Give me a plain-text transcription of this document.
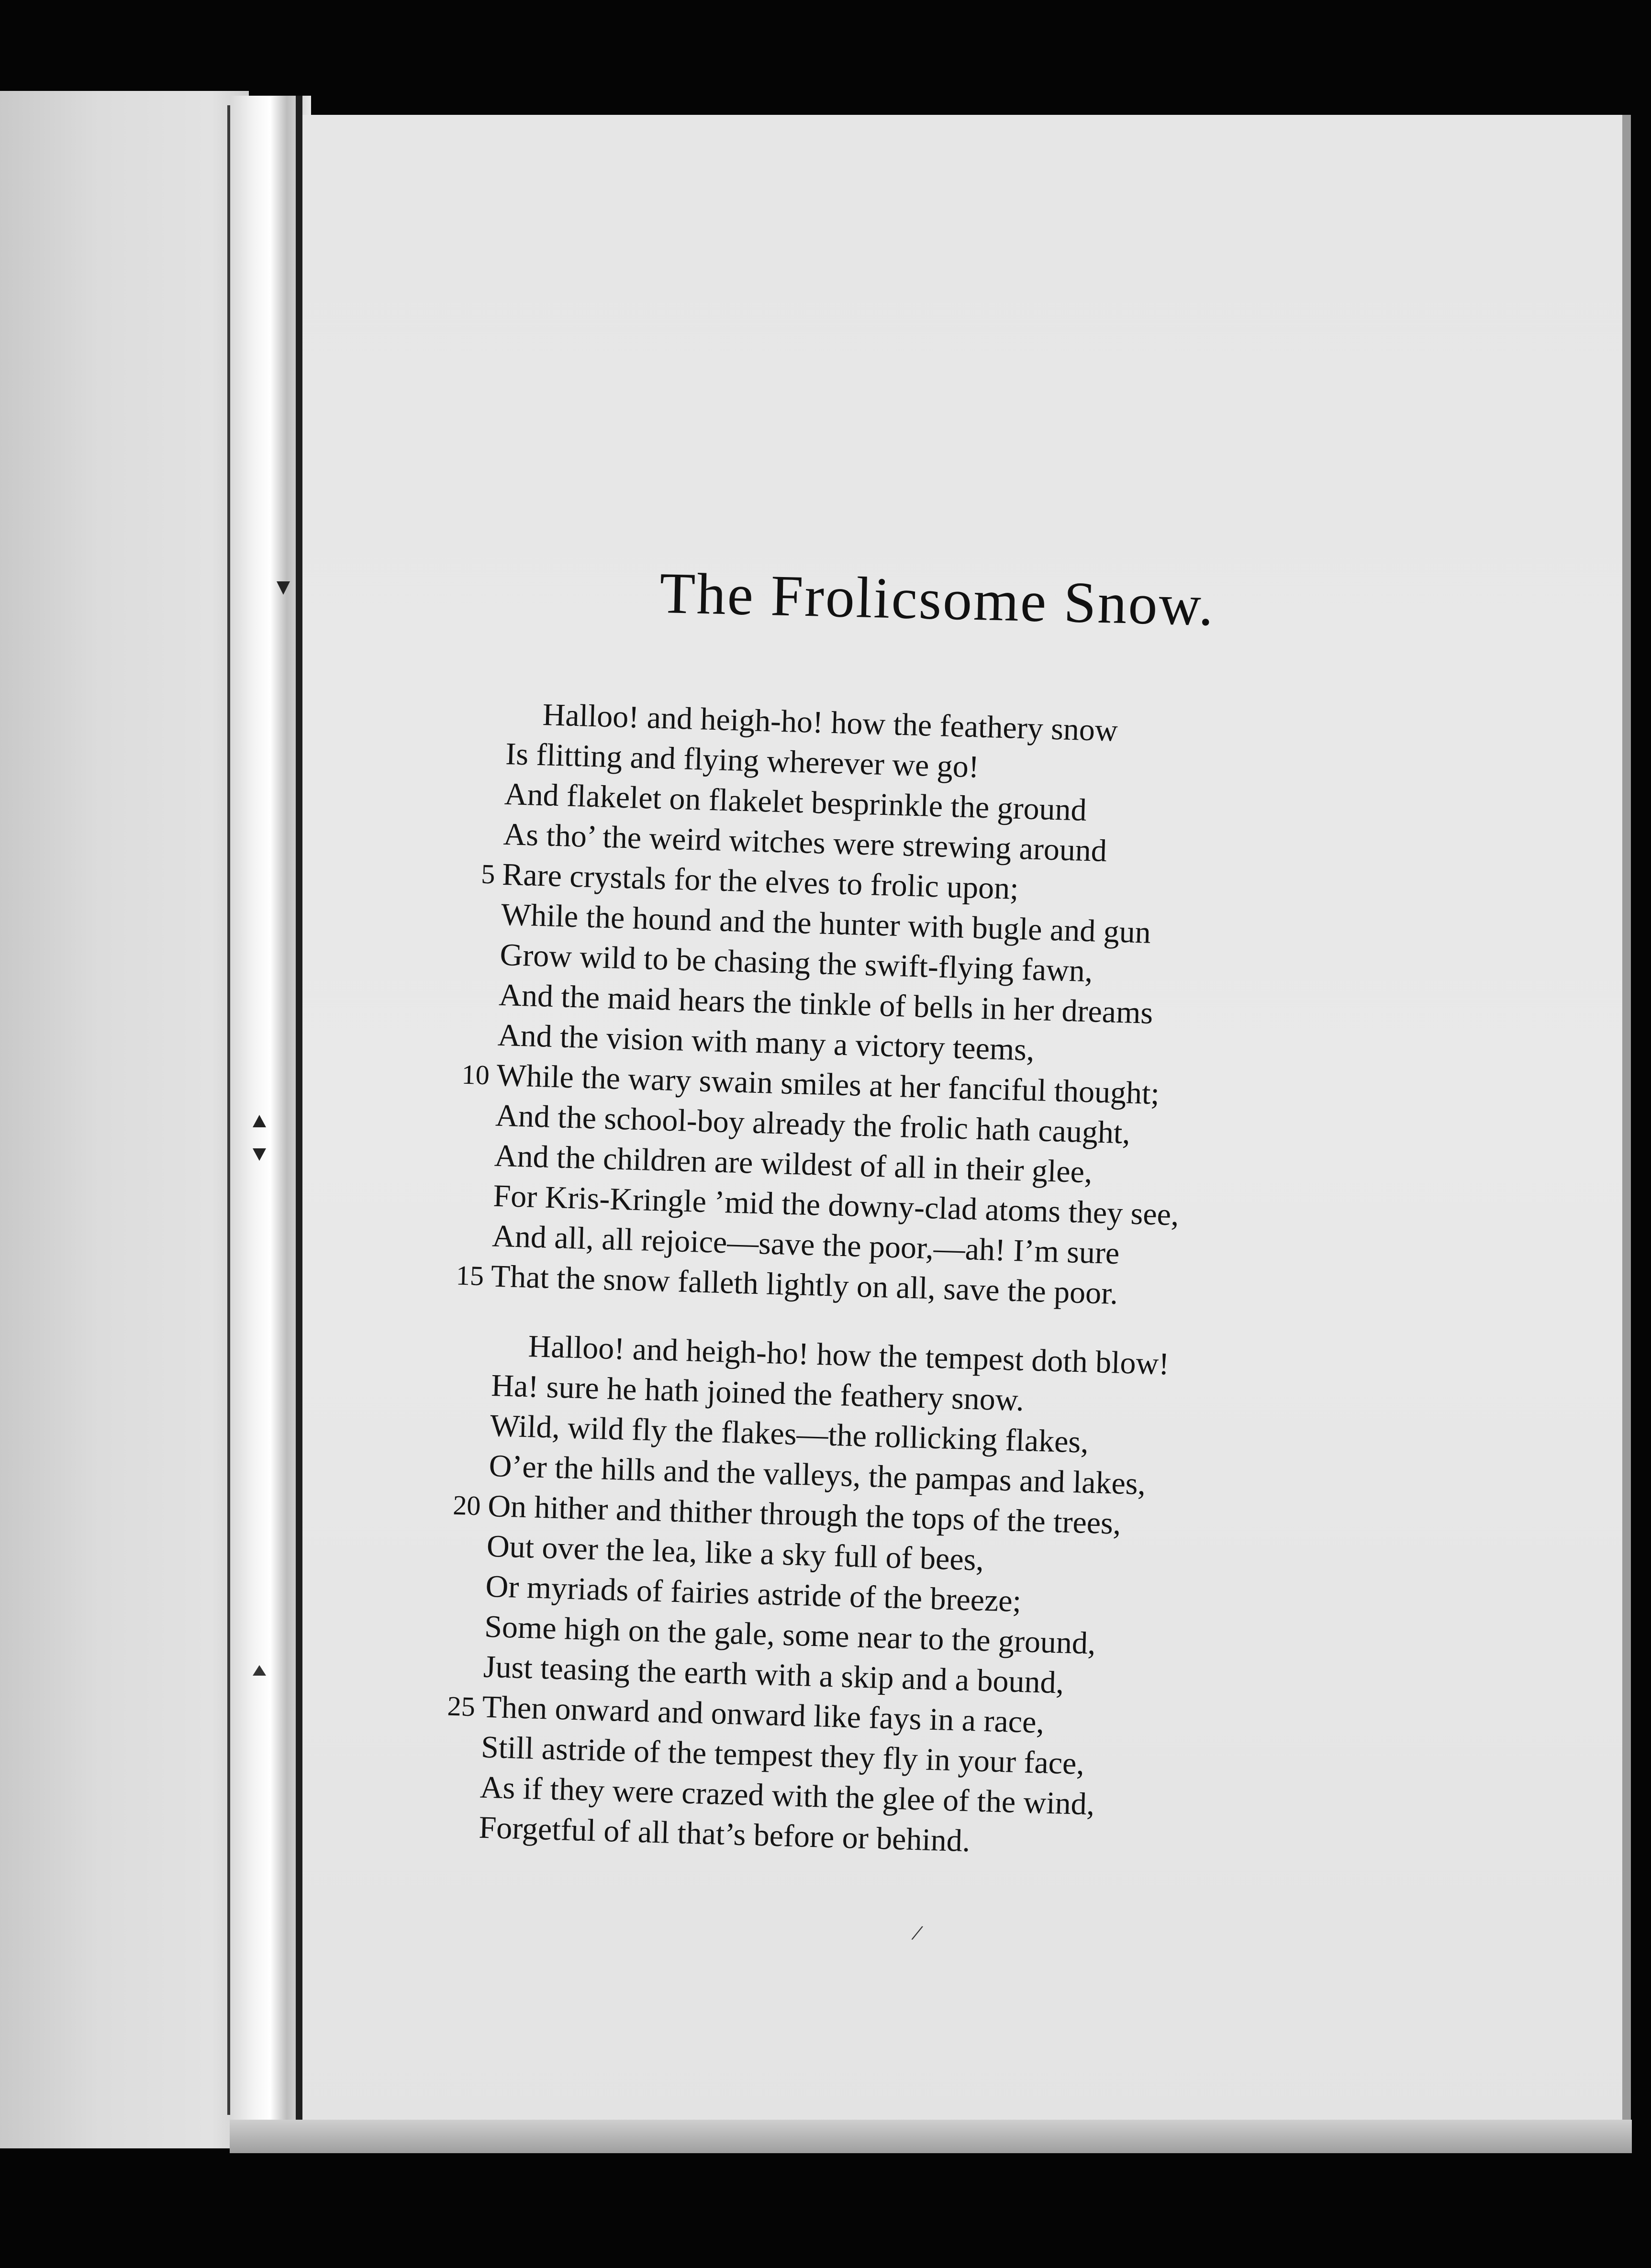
The Frolicsome Snow.
Halloo! and heigh-ho! how the feathery snow
Is flitting and flying wherever we go!
And flakelet on flakelet besprinkle the ground
As tho’ the weird witches were strewing around
5 Rare crystals for the elves to frolic upon;
While the hound and the hunter with bugle and gun
Grow wild to be chasing the swift-flying fawn,
And the maid hears the tinkle of bells in her dreams
And the vision with many a victory teems,
10 While the wary swain smiles at her fanciful thought;
And the school-boy already the frolic hath caught,
And the children are wildest of all in their glee,
For Kris-Kringle ’mid the downy-clad atoms they see,
And all, all rejoice—save the poor,—ah! I’m sure
15 That the snow falleth lightly on all, save the poor.
Halloo! and heigh-ho! how the tempest doth blow!
Ha! sure he hath joined the feathery snow.
Wild, wild fly the flakes—the rollicking flakes,
O’er the hills and the valleys, the pampas and lakes,
20 On hither and thither through the tops of the trees,
Out over the lea, like a sky full of bees,
Or myriads of fairies astride of the breeze;
Some high on the gale, some near to the ground,
Just teasing the earth with a skip and a bound,
25 Then onward and onward like fays in a race,
Still astride of the tempest they fly in your face,
As if they were crazed with the glee of the wind,
Forgetful of all that’s before or behind.
/
